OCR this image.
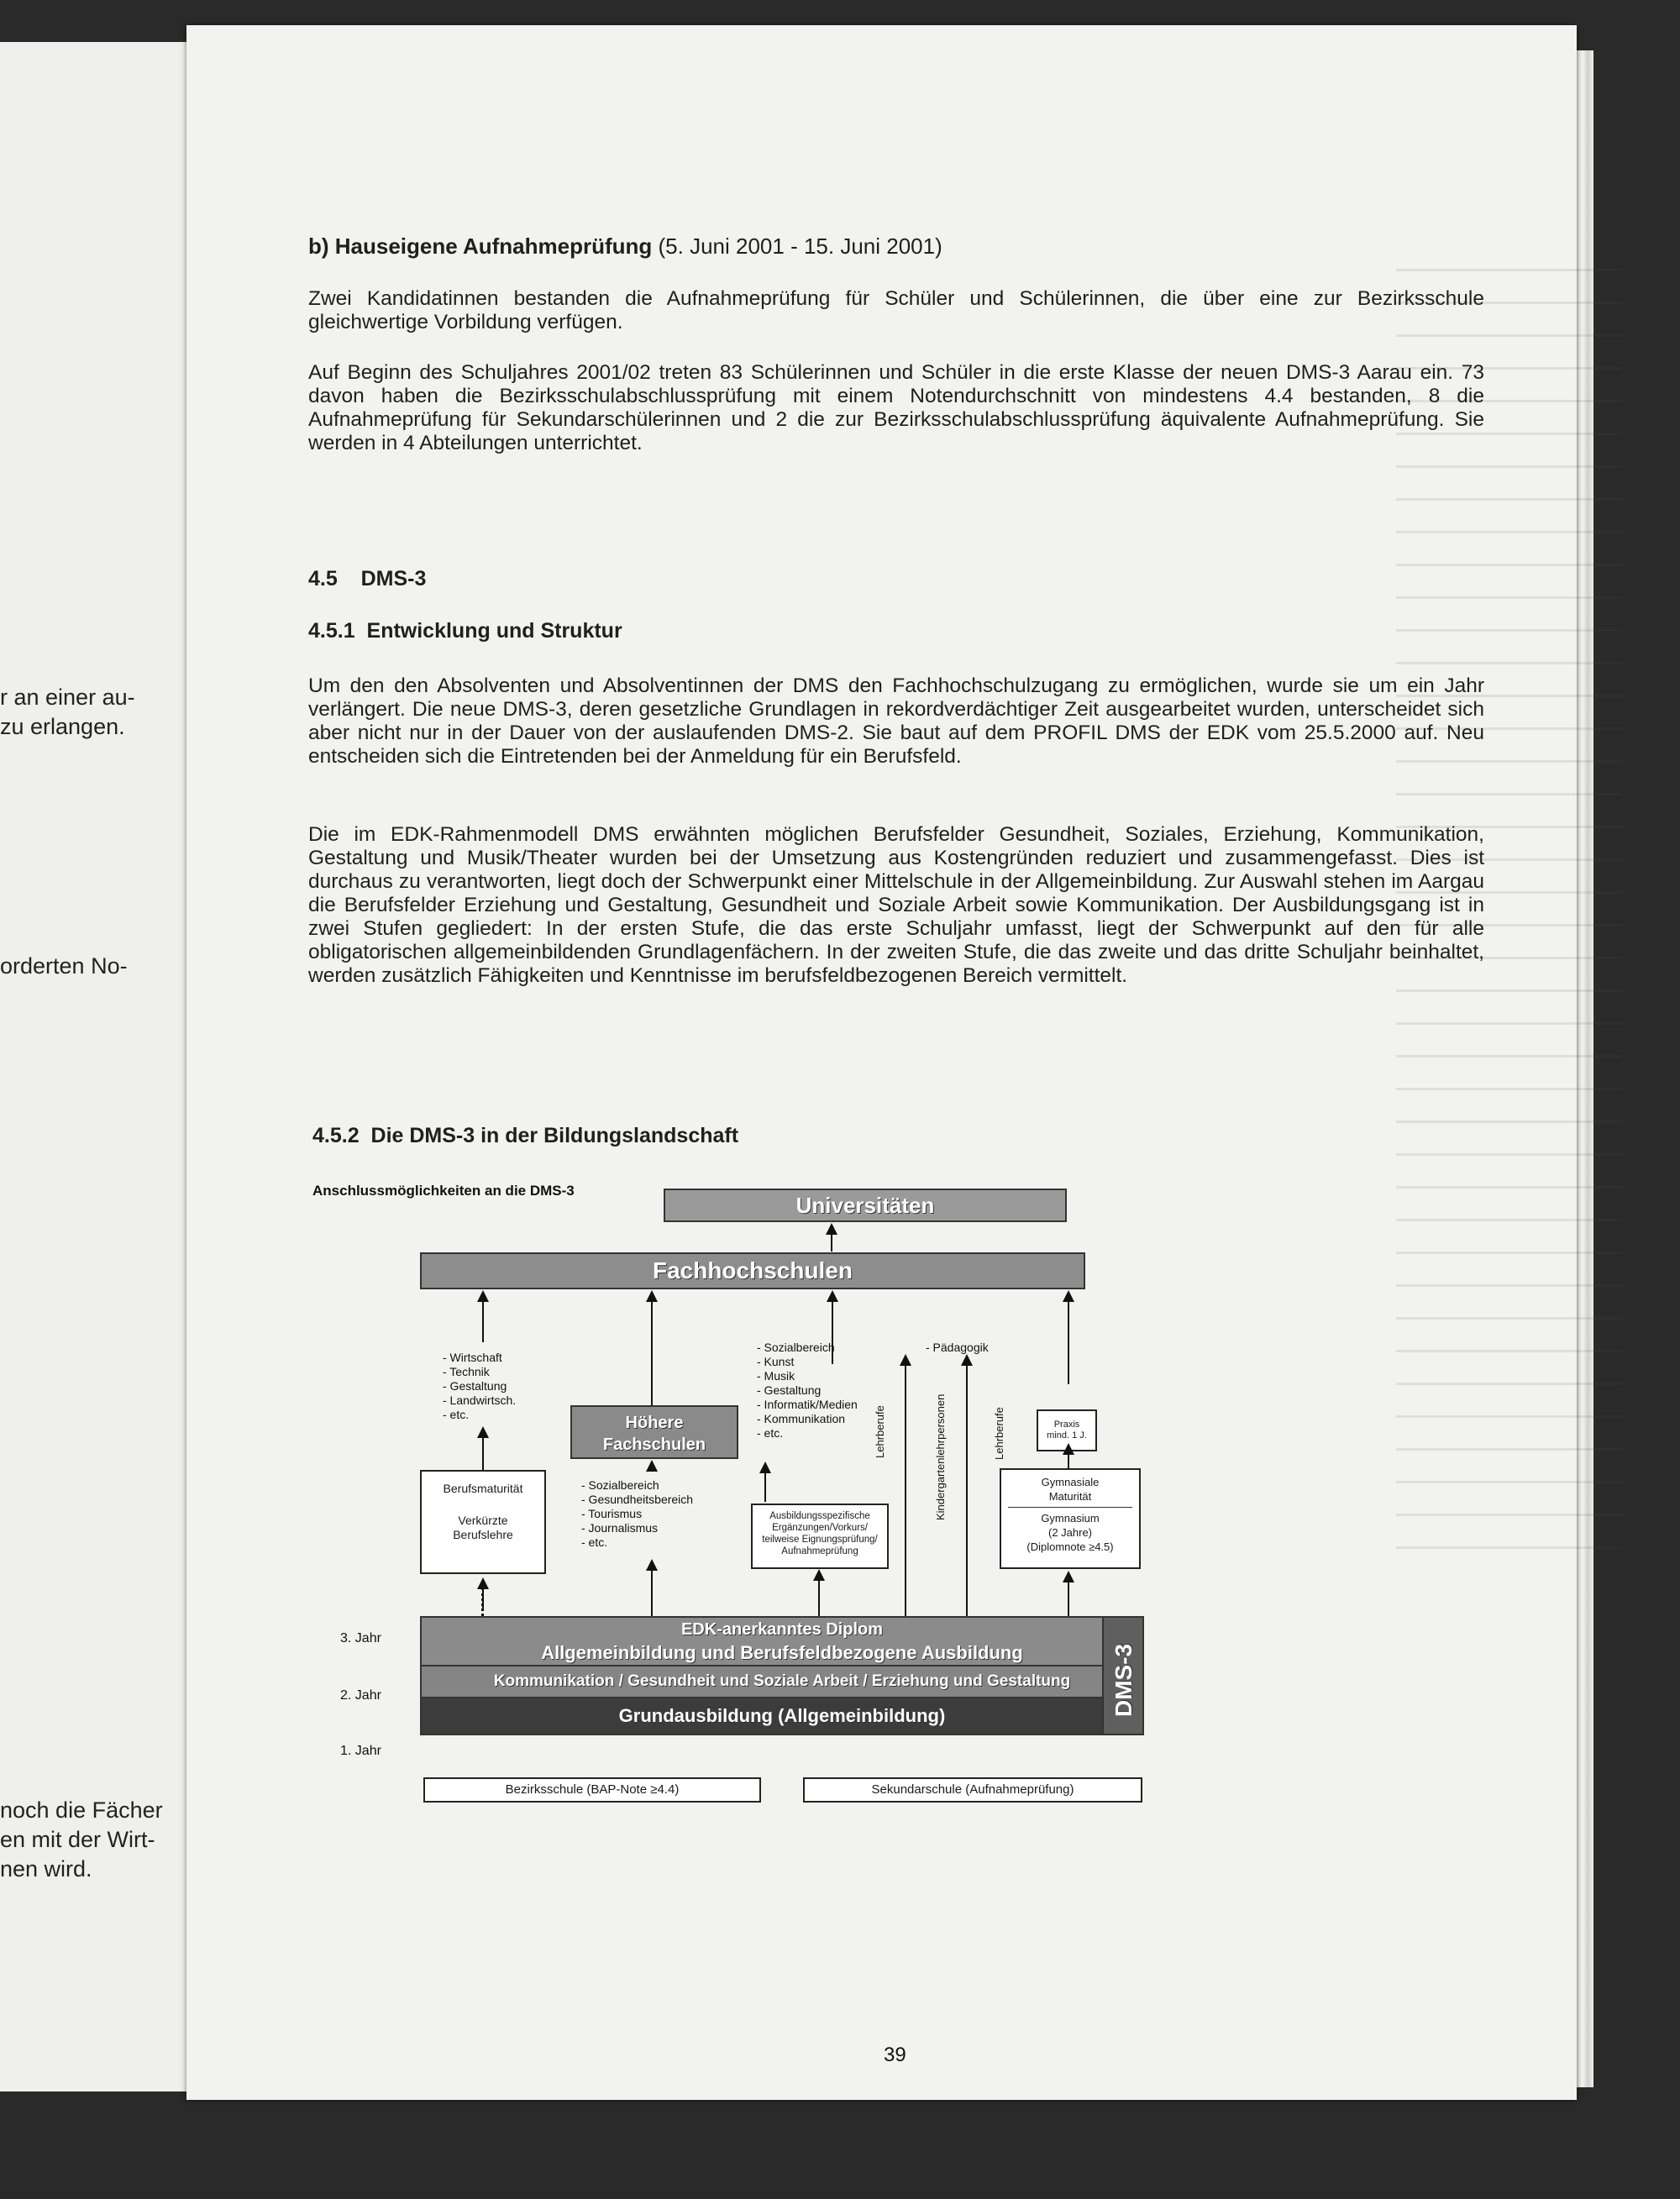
r an einer au-
zu erlangen.
orderten No-
noch die Fächer
en mit der Wirt-
nen wird.
b) Hauseigene Aufnahmeprüfung (5. Juni 2001 - 15. Juni 2001)
Zwei Kandidatinnen bestanden die Aufnahmeprüfung für Schüler und Schülerinnen, die über eine zur Bezirksschule gleichwertige Vorbildung verfügen.
Auf Beginn des Schuljahres 2001/02 treten 83 Schülerinnen und Schüler in die erste Klasse der neuen DMS-3 Aarau ein. 73 davon haben die Bezirksschulabschlussprüfung mit einem Notendurchschnitt von mindestens 4.4 bestanden, 8 die Aufnahmeprüfung für Sekundarschülerinnen und 2 die zur Bezirksschulabschlussprüfung äquivalente Aufnahmeprüfung. Sie werden in 4 Abteilungen unterrichtet.
4.5 DMS-3
4.5.1 Entwicklung und Struktur
Um den den Absolventen und Absolventinnen der DMS den Fachhochschulzugang zu ermöglichen, wurde sie um ein Jahr verlängert. Die neue DMS-3, deren gesetzliche Grundlagen in rekordverdächtiger Zeit ausgearbeitet wurden, unterscheidet sich aber nicht nur in der Dauer von der auslaufenden DMS-2. Sie baut auf dem PROFIL DMS der EDK vom 25.5.2000 auf. Neu entscheiden sich die Eintretenden bei der Anmeldung für ein Berufsfeld.
Die im EDK-Rahmenmodell DMS erwähnten möglichen Berufsfelder Gesundheit, Soziales, Erziehung, Kommunikation, Gestaltung und Musik/Theater wurden bei der Umsetzung aus Kostengründen reduziert und zusammengefasst. Dies ist durchaus zu verantworten, liegt doch der Schwerpunkt einer Mittelschule in der Allgemeinbildung. Zur Auswahl stehen im Aargau die Berufsfelder Erziehung und Gestaltung, Gesundheit und Soziale Arbeit sowie Kommunikation. Der Ausbildungsgang ist in zwei Stufen gegliedert: In der ersten Stufe, die das erste Schuljahr umfasst, liegt der Schwerpunkt auf den für alle obligatorischen allgemeinbildenden Grundlagenfächern. In der zweiten Stufe, die das zweite und das dritte Schuljahr beinhaltet, werden zusätzlich Fähigkeiten und Kenntnisse im berufsfeldbezogenen Bereich vermittelt.
4.5.2 Die DMS-3 in der Bildungslandschaft
Anschlussmöglichkeiten an die DMS-3
Universitäten
Fachhochschulen
- Wirtschaft
- Technik
- Gestaltung
- Landwirtsch.
- etc.
- Sozialbereich
- Kunst
- Musik
- Gestaltung
- Informatik/Medien
- Kommunikation
- etc.
- Pädagogik
Höhere Fachschulen	Lehrberufe	Kindergartenlehrpersonen	Lehrberufe	Praxis
mind. 1 J.
Berufsmaturität
Verkürzte
Berufslehre
- Sozialbereich
- Gesundheitsbereich
- Tourismus
- Journalismus
- etc.
Ausbildungsspezifische
Ergänzungen/Vorkurs/
teilweise Eignungsprüfung/
Aufnahmeprüfung
Gymnasiale
Maturität
Gymnasium
(2 Jahre)
(Diplomnote ≥4.5)
EDK-anerkanntes Diplom
Allgemeinbildung und Berufsfeldbezogene Ausbildung
Kommunikation / Gesundheit und Soziale Arbeit / Erziehung und Gestaltung
Grundausbildung (Allgemeinbildung)	DMS-3
3. Jahr
2. Jahr
1. Jahr
Bezirksschule (BAP-Note ≥4.4)	Sekundarschule (Aufnahmeprüfung)
39
